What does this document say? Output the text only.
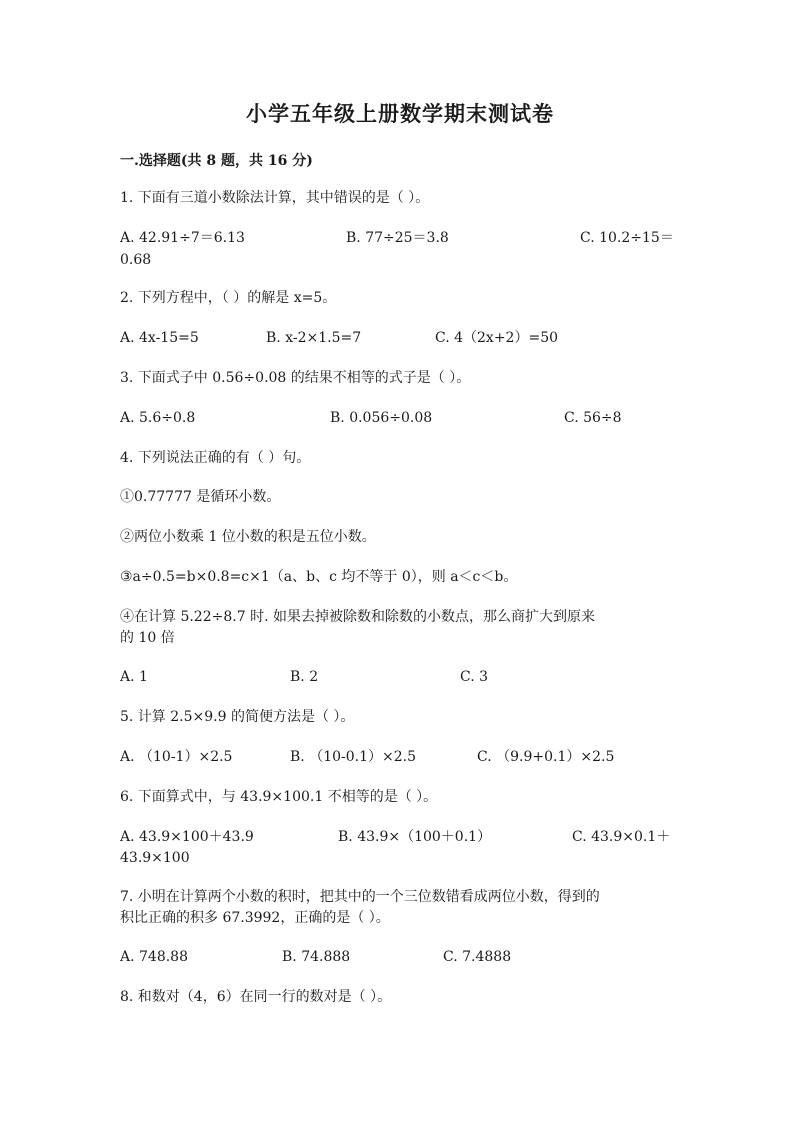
小学五年级上册数学期末测试卷
一.选择题(共 8 题，共 16 分)
1. 下面有三道小数除法计算，其中错误的是（ ）。
A. 42.91÷7＝6.13	B. 77÷25＝3.8	C. 10.2÷15＝
0.68
2. 下列方程中，（ ）的解是 x=5。
A. 4x-15=5	B. x-2×1.5=7	C. 4（2x+2）=50
3. 下面式子中 0.56÷0.08 的结果不相等的式子是（ ）。
A. 5.6÷0.8	B. 0.056÷0.08	C. 56÷8
4. 下列说法正确的有（ ）句。
①0.77777 是循环小数。
②两位小数乘 1 位小数的积是五位小数。
③a÷0.5=b×0.8=c×1（a、b、c 均不等于 0），则 a＜c＜b。
④在计算 5.22÷8.7 时. 如果去掉被除数和除数的小数点，那么商扩大到原来
的 10 倍
A. 1	B. 2	C. 3
5. 计算 2.5×9.9 的简便方法是（ ）。
A. （10-1）×2.5	B. （10-0.1）×2.5	C. （9.9+0.1）×2.5
6. 下面算式中，与 43.9×100.1 不相等的是（ ）。
A. 43.9×100＋43.9	B. 43.9×（100＋0.1）	C. 43.9×0.1＋
43.9×100
7. 小明在计算两个小数的积时，把其中的一个三位数错看成两位小数，得到的
积比正确的积多 67.3992，正确的是（ ）。
A. 748.88	B. 74.888	C. 7.4888
8. 和数对（4，6）在同一行的数对是（ ）。
